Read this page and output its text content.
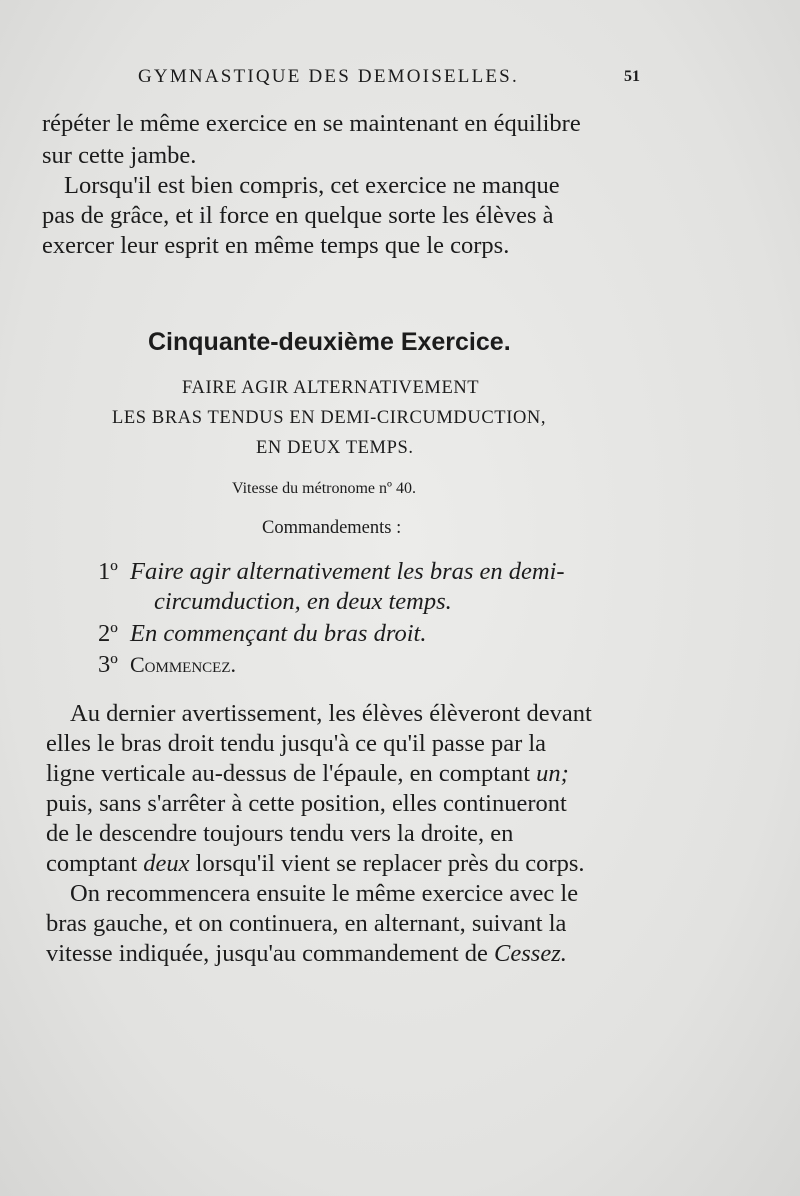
GYMNASTIQUE DES DEMOISELLES.	51
répéter le même exercice en se maintenant en équilibre
sur cette jambe.
Lorsqu'il est bien compris, cet exercice ne manque
pas de grâce, et il force en quelque sorte les élèves à
exercer leur esprit en même temps que le corps.
Cinquante-deuxième Exercice.
FAIRE AGIR ALTERNATIVEMENT
LES BRAS TENDUS EN DEMI-CIRCUMDUCTION,
EN DEUX TEMPS.
Vitesse du métronome nº 40.
Commandements :
1º Faire agir alternativement les bras en demi-
circumduction, en deux temps.
2º En commençant du bras droit.
3º Commencez.
Au dernier avertissement, les élèves élèveront devant
elles le bras droit tendu jusqu'à ce qu'il passe par la
ligne verticale au-dessus de l'épaule, en comptant un;
puis, sans s'arrêter à cette position, elles continueront
de le descendre toujours tendu vers la droite, en
comptant deux lorsqu'il vient se replacer près du corps.
On recommencera ensuite le même exercice avec le
bras gauche, et on continuera, en alternant, suivant la
vitesse indiquée, jusqu'au commandement de Cessez.
